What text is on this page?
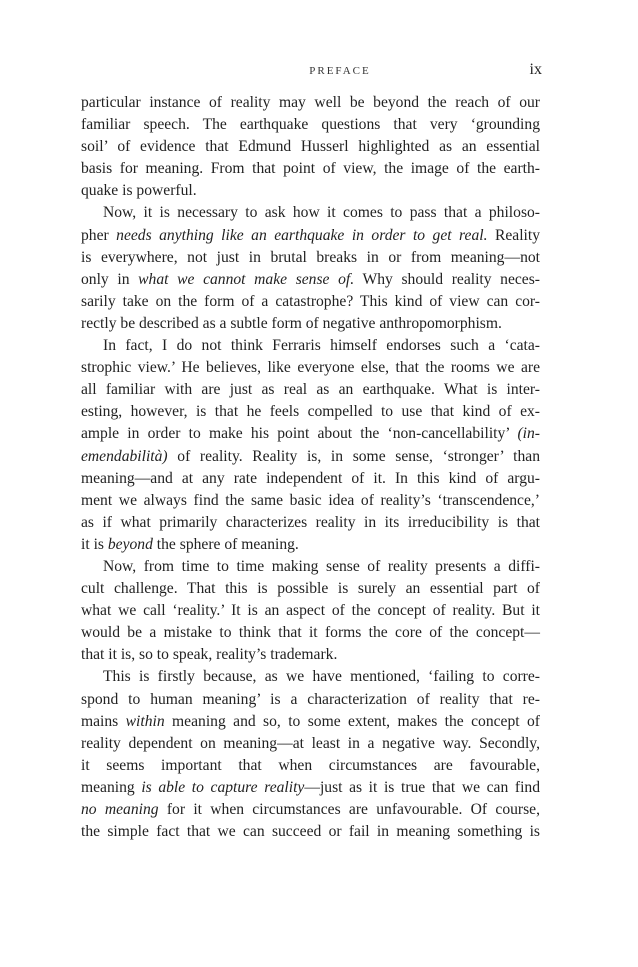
PREFACE	ix

particular instance of reality may well be beyond the reach of our
familiar speech. The earthquake questions that very ‘grounding
soil’ of evidence that Edmund Husserl highlighted as an essential
basis for meaning. From that point of view, the image of the earth-
quake is powerful.

Now, it is necessary to ask how it comes to pass that a philoso-
pher needs anything like an earthquake in order to get real. Reality
is everywhere, not just in brutal breaks in or from meaning—not
only in what we cannot make sense of. Why should reality neces-
sarily take on the form of a catastrophe? This kind of view can cor-
rectly be described as a subtle form of negative anthropomorphism.

In fact, I do not think Ferraris himself endorses such a ‘cata-
strophic view.’ He believes, like everyone else, that the rooms we are
all familiar with are just as real as an earthquake. What is inter-
esting, however, is that he feels compelled to use that kind of ex-
ample in order to make his point about the ‘non-cancellability’ (in-
emendabilità) of reality. Reality is, in some sense, ‘stronger’ than
meaning—and at any rate independent of it. In this kind of argu-
ment we always find the same basic idea of reality’s ‘transcendence,’
as if what primarily characterizes reality in its irreducibility is that
it is beyond the sphere of meaning.

Now, from time to time making sense of reality presents a diffi-
cult challenge. That this is possible is surely an essential part of
what we call ‘reality.’ It is an aspect of the concept of reality. But it
would be a mistake to think that it forms the core of the concept—
that it is, so to speak, reality’s trademark.

This is firstly because, as we have mentioned, ‘failing to corre-
spond to human meaning’ is a characterization of reality that re-
mains within meaning and so, to some extent, makes the concept of
reality dependent on meaning—at least in a negative way. Secondly,
it seems important that when circumstances are favourable,
meaning is able to capture reality—just as it is true that we can find
no meaning for it when circumstances are unfavourable. Of course,
the simple fact that we can succeed or fail in meaning something is
